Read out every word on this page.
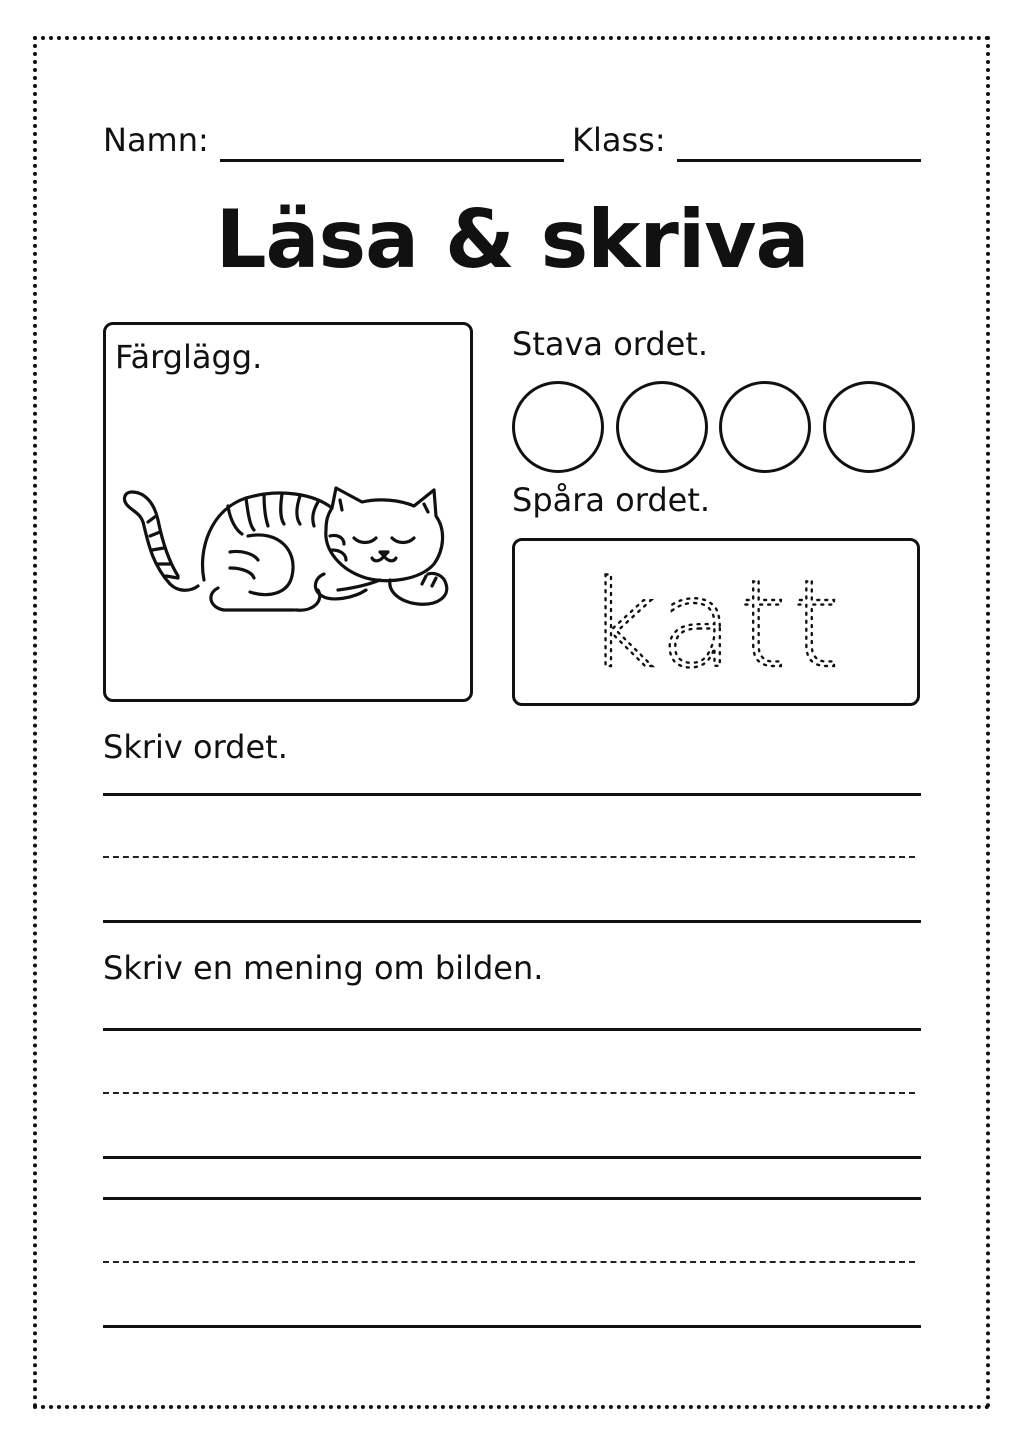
Namn:	Klass:
Läsa & skriva
Färglägg.	Stava ordet.
Spåra ordet.
katt
Skriv ordet.
Skriv en mening om bilden.
